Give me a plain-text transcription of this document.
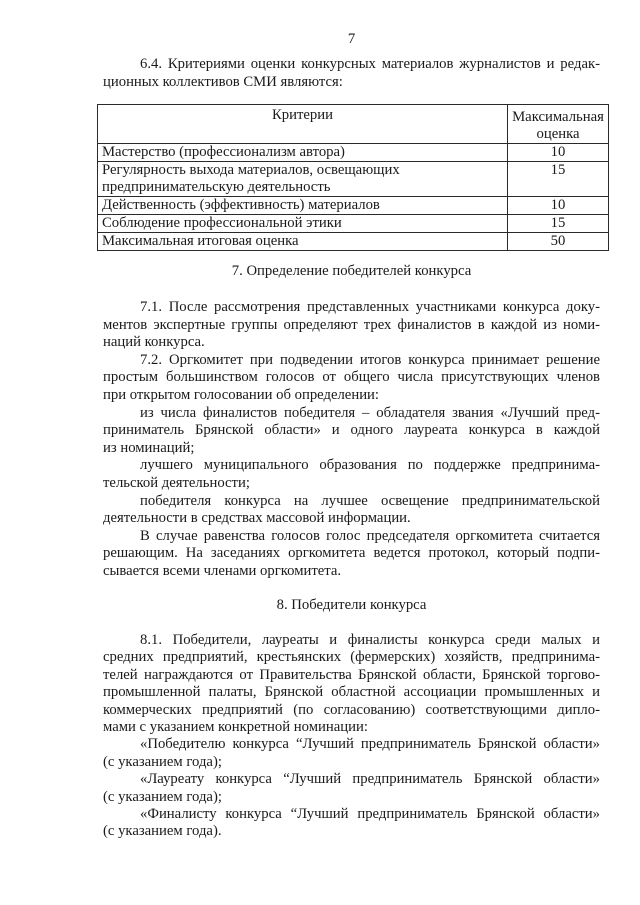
7
6.4. Критериями оценки конкурсных материалов журналистов и редак-
ционных коллективов СМИ являются:
Критерии	Максимальная
оценка

Мастерство (профессионализм автора)	10

Регулярность выхода материалов, освещающих
предпринимательскую деятельность	15

Действенность (эффективность) материалов	10

Соблюдение профессиональной этики	15

Максимальная итоговая оценка	50
7. Определение победителей конкурса
7.1. После рассмотрения представленных участниками конкурса доку-
ментов экспертные группы определяют трех финалистов в каждой из номи-
наций конкурса.
7.2. Оргкомитет при подведении итогов конкурса принимает решение
простым большинством голосов от общего числа присутствующих членов
при открытом голосовании об определении:
из числа финалистов победителя – обладателя звания «Лучший пред-
приниматель Брянской области» и одного лауреата конкурса в каждой
из номинаций;
лучшего муниципального образования по поддержке предпринима-
тельской деятельности;
победителя конкурса на лучшее освещение предпринимательской
деятельности в средствах массовой информации.
В случае равенства голосов голос председателя оргкомитета считается
решающим. На заседаниях оргкомитета ведется протокол, который подпи-
сывается всеми членами оргкомитета.
8. Победители конкурса
8.1. Победители, лауреаты и финалисты конкурса среди малых и
средних предприятий, крестьянских (фермерских) хозяйств, предпринима-
телей награждаются от Правительства Брянской области, Брянской торгово-
промышленной палаты, Брянской областной ассоциации промышленных и
коммерческих предприятий (по согласованию) соответствующими дипло-
мами с указанием конкретной номинации:
«Победителю конкурса “Лучший предприниматель Брянской области»
(с указанием года);
«Лауреату конкурса “Лучший предприниматель Брянской области»
(с указанием года);
«Финалисту конкурса “Лучший предприниматель Брянской области»
(с указанием года).
